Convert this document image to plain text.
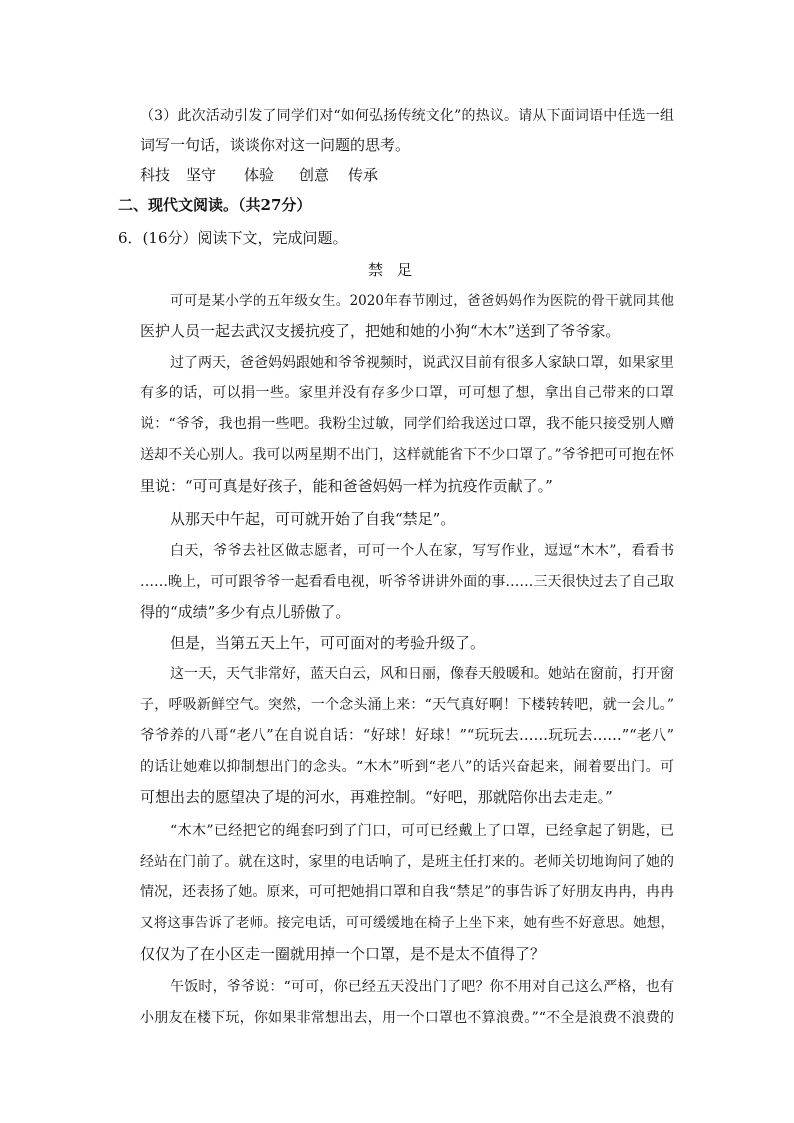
（3）此次活动引发了同学们对“如何弘扬传统文化”的热议。请从下面词语中任选一组
词写一句话，谈谈你对这一问题的思考。
科技	坚守	体验	创意	传承
二、现代文阅读。（共27分）
6．(16分）阅读下文，完成问题。
禁足
可可是某小学的五年级女生。2020年春节刚过，爸爸妈妈作为医院的骨干就同其他
医护人员一起去武汉支援抗疫了，把她和她的小狗“木木”送到了爷爷家。
过了两天，爸爸妈妈跟她和爷爷视频时，说武汉目前有很多人家缺口罩，如果家里
有多的话，可以捐一些。家里并没有存多少口罩，可可想了想，拿出自己带来的口罩
说：“爷爷，我也捐一些吧。我粉尘过敏，同学们给我送过口罩，我不能只接受别人赠
送却不关心别人。我可以两星期不出门，这样就能省下不少口罩了。”爷爷把可可抱在怀
里说：“可可真是好孩子，能和爸爸妈妈一样为抗疫作贡献了。”
从那天中午起，可可就开始了自我“禁足”。
白天，爷爷去社区做志愿者，可可一个人在家，写写作业，逗逗“木木”，看看书
……晚上，可可跟爷爷一起看看电视，听爷爷讲讲外面的事……三天很快过去了自己取
得的“成绩”多少有点儿骄傲了。
但是，当第五天上午，可可面对的考验升级了。
这一天，天气非常好，蓝天白云，风和日丽，像春天般暖和。她站在窗前，打开窗
子，呼吸新鲜空气。突然，一个念头涌上来：“天气真好啊！下楼转转吧，就一会儿。”
爷爷养的八哥“老八”在自说自话：“好球！好球！”“玩玩去……玩玩去……”“老八”
的话让她难以抑制想出门的念头。“木木”听到“老八”的话兴奋起来，闹着要出门。可
可想出去的愿望决了堤的河水，再难控制。“好吧，那就陪你出去走走。”
“木木”已经把它的绳套叼到了门口，可可已经戴上了口罩，已经拿起了钥匙，已
经站在门前了。就在这时，家里的电话响了，是班主任打来的。老师关切地询问了她的
情况，还表扬了她。原来，可可把她捐口罩和自我“禁足”的事告诉了好朋友冉冉，冉冉
又将这事告诉了老师。接完电话，可可缓缓地在椅子上坐下来，她有些不好意思。她想，
仅仅为了在小区走一圈就用掉一个口罩，是不是太不值得了？
午饭时，爷爷说：“可可，你已经五天没出门了吧？你不用对自己这么严格，也有
小朋友在楼下玩，你如果非常想出去，用一个口罩也不算浪费。”“不全是浪费不浪费的
